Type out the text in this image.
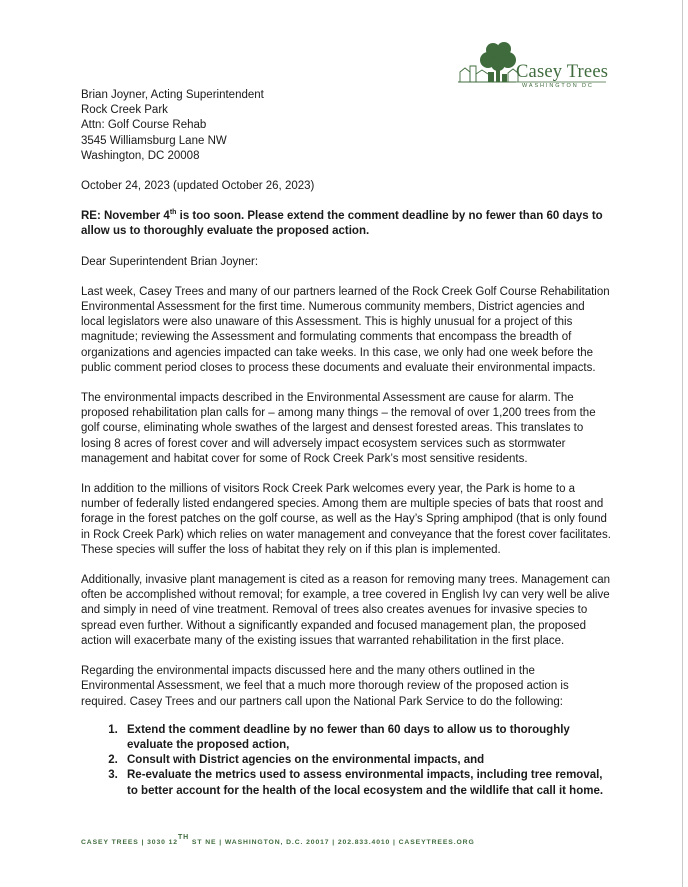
Casey Trees
WASHINGTON DC
Brian Joyner, Acting Superintendent
Rock Creek Park
Attn: Golf Course Rehab
3545 Williamsburg Lane NW
Washington, DC 20008

October 24, 2023 (updated October 26, 2023)

RE: November 4th is too soon. Please extend the comment deadline by no fewer than 60 days to allow us to thoroughly evaluate the proposed action.

Dear Superintendent Brian Joyner:

Last week, Casey Trees and many of our partners learned of the Rock Creek Golf Course Rehabilitation Environmental Assessment for the first time. Numerous community members, District agencies and local legislators were also unaware of this Assessment. This is highly unusual for a project of this magnitude; reviewing the Assessment and formulating comments that encompass the breadth of organizations and agencies impacted can take weeks. In this case, we only had one week before the public comment period closes to process these documents and evaluate their environmental impacts.

The environmental impacts described in the Environmental Assessment are cause for alarm. The proposed rehabilitation plan calls for – among many things – the removal of over 1,200 trees from the golf course, eliminating whole swathes of the largest and densest forested areas. This translates to losing 8 acres of forest cover and will adversely impact ecosystem services such as stormwater management and habitat cover for some of Rock Creek Park’s most sensitive residents.

In addition to the millions of visitors Rock Creek Park welcomes every year, the Park is home to a number of federally listed endangered species. Among them are multiple species of bats that roost and forage in the forest patches on the golf course, as well as the Hay’s Spring amphipod (that is only found in Rock Creek Park) which relies on water management and conveyance that the forest cover facilitates. These species will suffer the loss of habitat they rely on if this plan is implemented.

Additionally, invasive plant management is cited as a reason for removing many trees. Management can often be accomplished without removal; for example, a tree covered in English Ivy can very well be alive and simply in need of vine treatment. Removal of trees also creates avenues for invasive species to spread even further. Without a significantly expanded and focused management plan, the proposed action will exacerbate many of the existing issues that warranted rehabilitation in the first place.

Regarding the environmental impacts discussed here and the many others outlined in the Environmental Assessment, we feel that a much more thorough review of the proposed action is required. Casey Trees and our partners call upon the National Park Service to do the following:

1. Extend the comment deadline by no fewer than 60 days to allow us to thoroughly evaluate the proposed action,
2. Consult with District agencies on the environmental impacts, and
3. Re-evaluate the metrics used to assess environmental impacts, including tree removal, to better account for the health of the local ecosystem and the wildlife that call it home.
CASEY TREES | 3030 12TH ST NE | WASHINGTON, D.C. 20017 | 202.833.4010 | CASEYTREES.ORG
